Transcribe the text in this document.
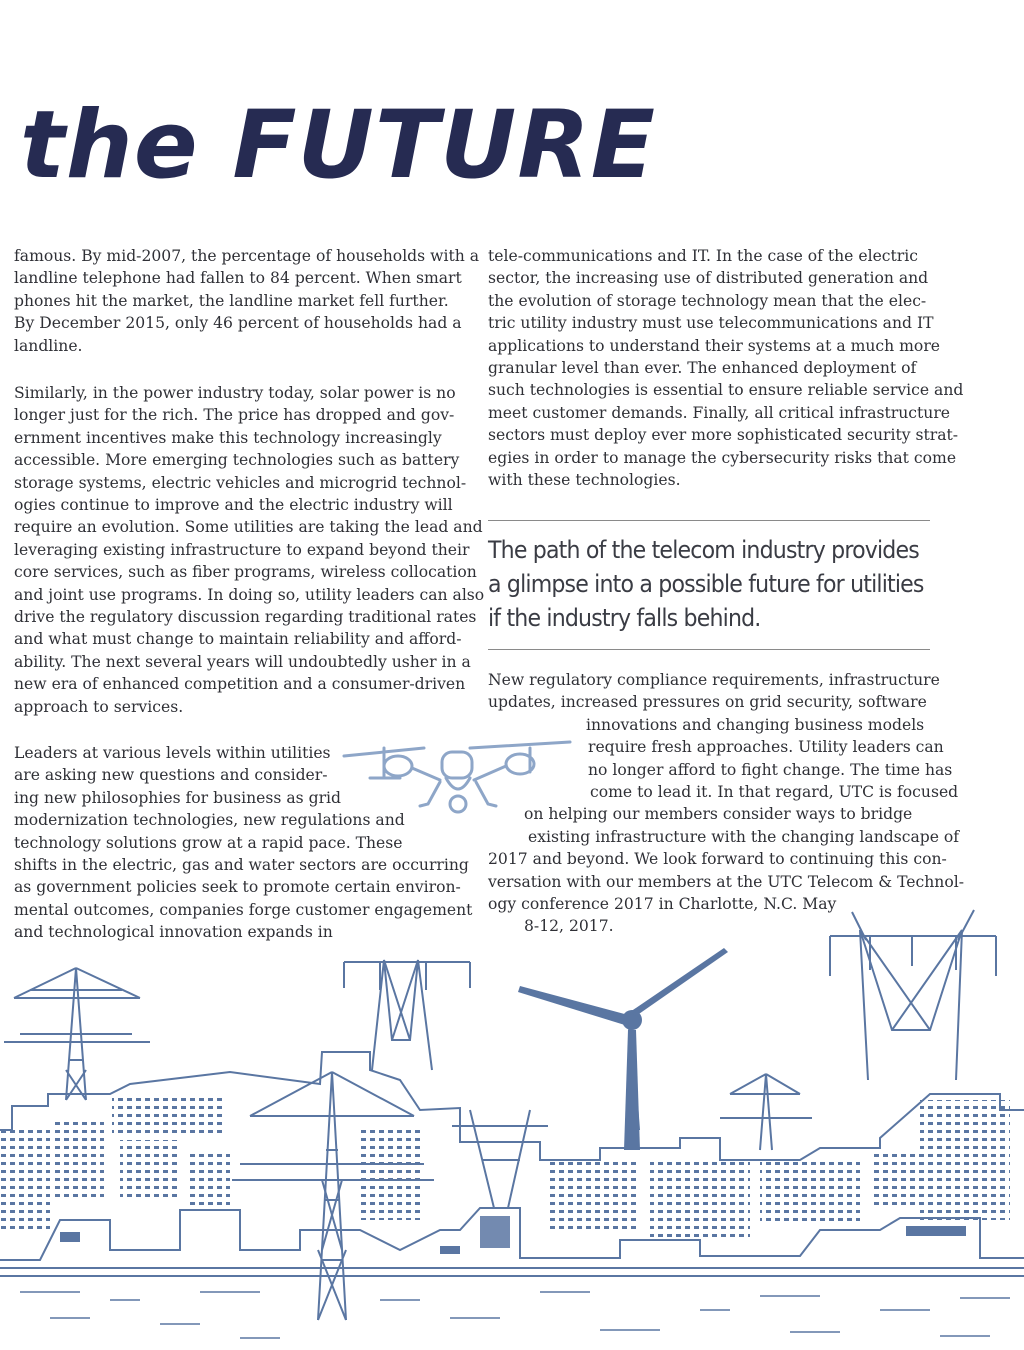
the FUTURE
famous. By mid-2007, the percentage of households with a
landline telephone had fallen to 84 percent. When smart
phones hit the market, the landline market fell further.
By December 2015, only 46 percent of households had a
landline.
Similarly, in the power industry today, solar power is no
longer just for the rich. The price has dropped and gov-
ernment incentives make this technology increasingly
accessible. More emerging technologies such as battery
storage systems, electric vehicles and microgrid technol-
ogies continue to improve and the electric industry will
require an evolution. Some utilities are taking the lead and
leveraging existing infrastructure to expand beyond their
core services, such as fiber programs, wireless collocation
and joint use programs. In doing so, utility leaders can also
drive the regulatory discussion regarding traditional rates
and what must change to maintain reliability and afford-
ability. The next several years will undoubtedly usher in a
new era of enhanced competition and a consumer-driven
approach to services.
Leaders at various levels within utilities
are asking new questions and consider-
ing new philosophies for business as grid
modernization technologies, new regulations and
technology solutions grow at a rapid pace. These
shifts in the electric, gas and water sectors are occurring
as government policies seek to promote certain environ-
mental outcomes, companies forge customer engagement
and technological innovation expands in
tele-communications and IT. In the case of the electric
sector, the increasing use of distributed generation and
the evolution of storage technology mean that the elec-
tric utility industry must use telecommunications and IT
applications to understand their systems at a much more
granular level than ever. The enhanced deployment of
such technologies is essential to ensure reliable service and
meet customer demands. Finally, all critical infrastructure
sectors must deploy ever more sophisticated security strat-
egies in order to manage the cybersecurity risks that come
with these technologies.

The path of the telecom industry provides
a glimpse into a possible future for utilities
if the industry falls behind.

New regulatory compliance requirements, infrastructure
updates, increased pressures on grid security, software
innovations and changing business models
require fresh approaches. Utility leaders can
no longer afford to fight change. The time has
come to lead it. In that regard, UTC is focused
on helping our members consider ways to bridge
existing infrastructure with the changing landscape of
2017 and beyond. We look forward to continuing this con-
versation with our members at the UTC Telecom & Technol-
ogy conference 2017 in Charlotte, N.C. May
8-12, 2017.
